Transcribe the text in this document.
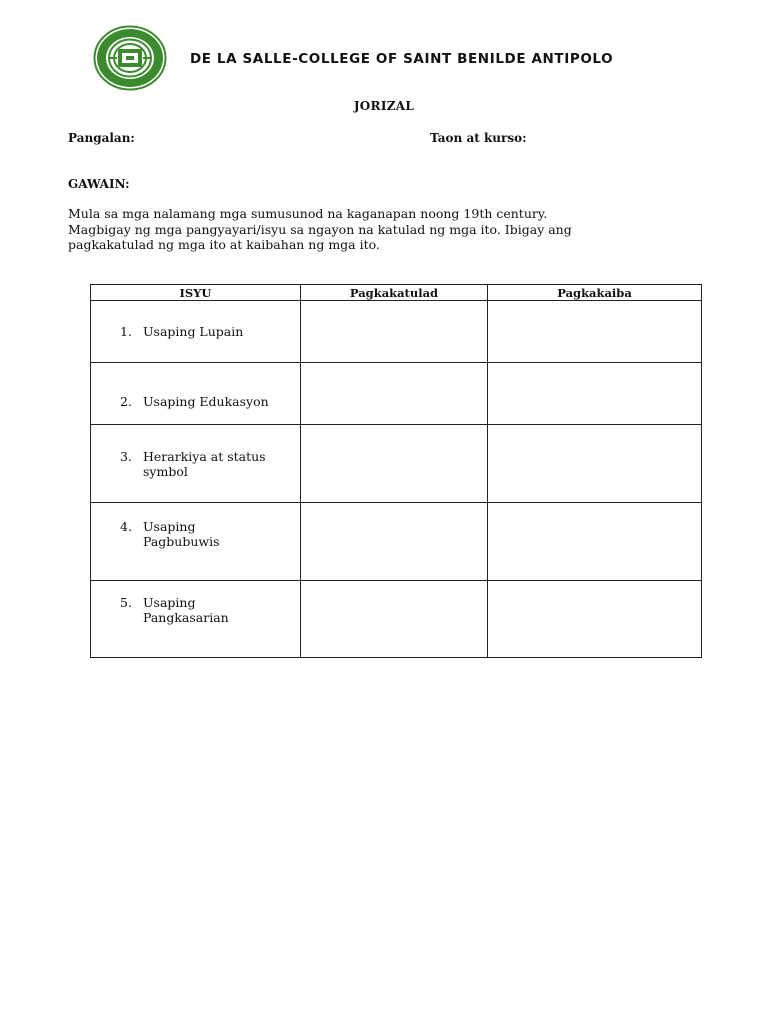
DE LA SALLE-COLLEGE OF SAINT BENILDE ANTIPOLO
JORIZAL
Pangalan:	Taon at kurso:
GAWAIN:
Mula sa mga nalamang mga sumusunod na kaganapan noong 19th century.
Magbigay ng mga pangyayari/isyu sa ngayon na katulad ng mga ito. Ibigay ang
pagkakatulad ng mga ito at kaibahan ng mga ito.
ISYU	Pagkakatulad	Pagkakaiba

1. Usaping Lupain		

2. Usaping Edukasyon		

3. Herarkiya at status
symbol		

4. Usaping
Pagbubuwis		

5. Usaping
Pangkasarian		
